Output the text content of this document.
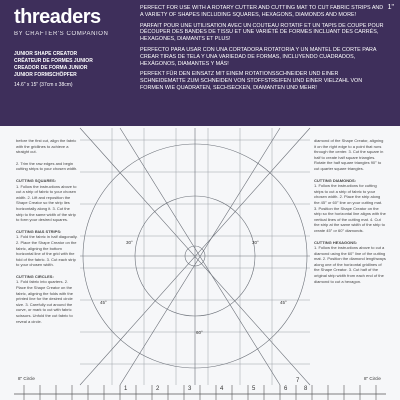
threaders
BY CRAFTER'S COMPANION
JUNIOR SHAPE CREATOR
CRÉATEUR DE FORMES JUNIOR
CREADOR DE FORMA JUNIOR
JUNIOR FORMSCHÖPFER
14.6" x 15" (37cm x 38cm)
PERFECT FOR USE WITH A ROTARY CUTTER AND CUTTING MAT TO CUT FABRIC STRIPS AND A VARIETY OF SHAPES INCLUDING SQUARES, HEXAGONS, DIAMONDS AND MORE!
PARFAIT POUR UNE UTILISATION AVEC UN COUTEAU ROTATIF ET UN TAPIS DE COUPE POUR DÉCOUPER DES BANDES DE TISSU ET UNE VARIÉTÉ DE FORMES INCLUANT DES CARRÉS, HEXAGONES, DIAMANTS ET PLUS!
PERFECTO PARA USAR CON UNA CORTADORA ROTATORIA Y UN MANTEL DE CORTE PARA CREAR TIRAS DE TELA Y UNA VARIEDAD DE FORMAS, INCLUYENDO CUADRADOS, HEXÁGONOS, DIAMANTES Y MÁS!
PERFEKT FÜR DEN EINSATZ MIT EINEM ROTATIONSSCHNEIDER UND EINER SCHNEIDEMATTE ZUM SCHNEIDEN VON STOFFSTREIFEN UND EINER VIELZAHL VON FORMEN WIE QUADRATEN, SECHSECKEN, DIAMANTEN UND MEHR!
1"
before the first cut, align the fabric with the gridlines to achieve a straight cut.
2. Trim the raw edges and begin cutting strips to your chosen width.
CUTTING SQUARES:
1. Follow the instructions above to cut a strip of fabric to your chosen width. 2. Lift and reposition the Shape Creator so the strip lies horizontally along it. 3. Cut the strip to the same width of the strip to form your desired squares.
CUTTING BIAS STRIPS:
1. Fold the fabric in half diagonally. 2. Place the Shape Creator on the fabric, aligning the bottom horizontal line of the grid with the fold of the fabric. 3. Cut each strip to your chosen width.
CUTTING CIRCLES:
1. Fold fabric into quarters. 2. Place the Shape Creator on the fabric, aligning the folds with the printed line for the desired circle size. 3. Carefully cut around the curve, or mark to cut with fabric scissors. Unfold the cut fabric to reveal a circle.
diamond of the Shape Creator, aligning it on the right edge to a point that runs through the center. 3. Cut the square in half to create half square triangles. Rotate the half square triangles 90° to cut quarter square triangles.
CUTTING DIAMONDS:
1. Follow the instructions for cutting strips to cut a strip of fabric to your chosen width. 2. Place the strip along the 45° or 60° line on your cutting mat. 3. Position the Shape Creator on the strip so the horizontal line aligns with the vertical lines of the cutting mat. 4. Cut the strip at the same width of the strip to create 45° or 60° diamonds.
CUTTING HEXAGONS:
1. Follow the instructions above to cut a diamond using the 60° line of the cutting mat. 2. Position the diamond lengthways along one of the horizontal gridlines of the Shape Creator. 3. Cut half of the original strip width from each end of the diamond to cut a hexagon.
1	2	3	4	5	6
7
8
8" Circle	8" Circle
30°	30°
45°	45°
60°
